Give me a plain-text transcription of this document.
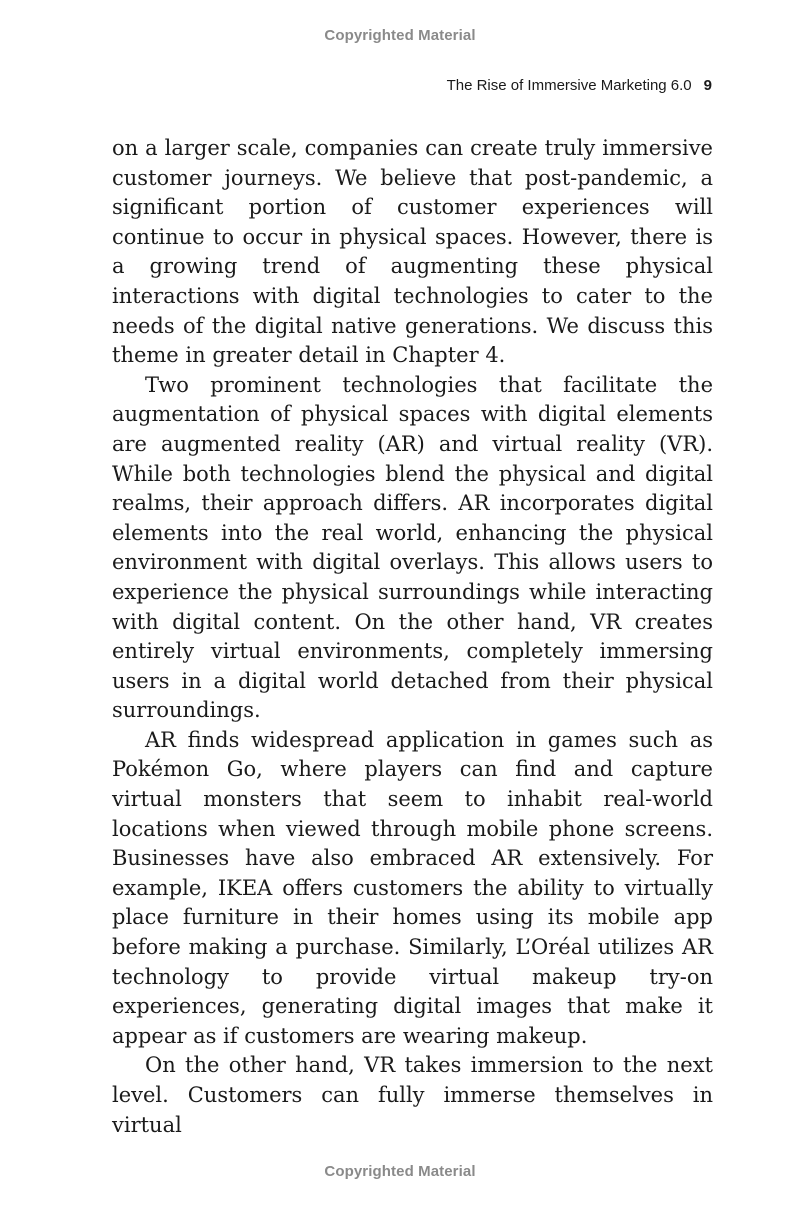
Copyrighted Material
The Rise of Immersive Marketing 6.0 9

on a larger scale, companies can create truly immersive customer journeys. We believe that post-pandemic, a significant portion of customer experiences will continue to occur in physical spaces. However, there is a growing trend of augmenting these physical interactions with digital technologies to cater to the needs of the digital native generations. We discuss this theme in greater detail in Chapter 4.

Two prominent technologies that facilitate the augmentation of physical spaces with digital elements are augmented reality (AR) and virtual reality (VR). While both technologies blend the physical and digital realms, their approach differs. AR incorporates digital elements into the real world, enhancing the physical environment with digital overlays. This allows users to experience the physical surroundings while interacting with digital content. On the other hand, VR creates entirely virtual environments, completely immersing users in a digital world detached from their physical surroundings.

AR finds widespread application in games such as Pokémon Go, where players can find and capture virtual monsters that seem to inhabit real-world locations when viewed through mobile phone screens. Businesses have also embraced AR extensively. For example, IKEA offers customers the ability to virtually place furniture in their homes using its mobile app before making a purchase. Similarly, L’Oréal utilizes AR technology to provide virtual makeup try-on experiences, generating digital images that make it appear as if customers are wearing makeup.

On the other hand, VR takes immersion to the next level. Customers can fully immerse themselves in virtual

Copyrighted Material
